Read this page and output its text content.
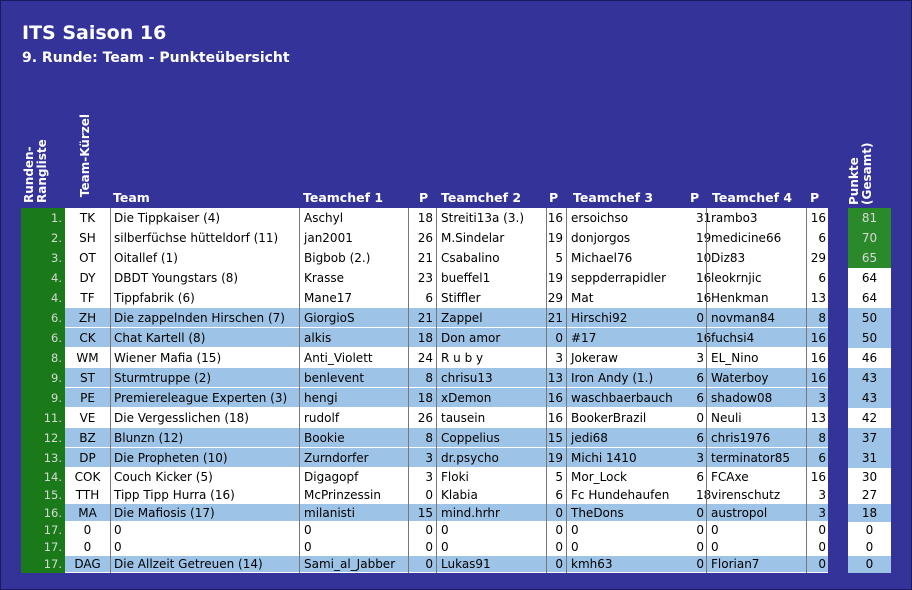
ITS Saison 16
9. Runde: Team - Punkteübersicht
Runden-Rangliste Team-Kürzel	Punkte (Gesamt)
Team	Teamchef 1	P Teamchef 2 P Teamchef 3	P Teamchef 4 P
1.	TK	Die Tippkaiser (4)	Aschyl	18 Streiti13a (3.)	16 ersoichso	31 rambo3	16	81
2.	SH	silberfüchse hütteldorf (11)	jan2001	26 M.Sindelar	19 donjorgos	19 medicine66	6	70
3.	OT	Oitallef (1)	Bigbob (2.)	21 Csabalino	5 Michael76	10 Diz83	29	65
4.	DY	DBDT Youngstars (8)	Krasse	23 bueffel1	19 seppderrapidler	16 leokrnjic	6	64
4.	TF	Tippfabrik (6)	Mane17	6 Stiffler	29 Mat	16 Henkman	13	64
6.	ZH	Die zappelnden Hirschen (7)	GiorgioS	21 Zappel	21 Hirschi92	0 novman84	8	50
6.	CK	Chat Kartell (8)	alkis	18 Don amor	0 #17	16 fuchsi4	16	50
8.	WM	Wiener Mafia (15)	Anti_Violett	24 R u b y	3 Jokeraw	3 EL_Nino	16	46
9.	ST	Sturmtruppe (2)	benlevent	8 chrisu13	13 Iron Andy (1.)	6 Waterboy	16	43
9.	PE	Premiereleague Experten (3)	hengi	18 xDemon	16 waschbaerbauch	6 shadow08	3	43
11.	VE	Die Vergesslichen (18)	rudolf	26 tausein	16 BookerBrazil	0 Neuli	13	42
12.	BZ	Blunzn (12)	Bookie	8 Coppelius	15 jedi68	6 chris1976	8	37
13.	DP	Die Propheten (10)	Zurndorfer	3 dr.psycho	19 Michi 1410	3 terminator85	6	31
14.	COK	Couch Kicker (5)	Digagopf	3 Floki	5 Mor_Lock	6 FCAxe	16	30
15.	TTH	Tipp Tipp Hurra (16)	McPrinzessin	0 Klabia	6 Fc Hundehaufen	18 virenschutz	3	27
16.	MA	Die Mafiosis (17)	milanisti	15 mind.hrhr	0 TheDons	0 austropol	3	18
17.	0	0	0	0 0	0 0	0 0	0	0
17.	0	0	0	0 0	0 0	0 0	0	0
17.	DAG	Die Allzeit Getreuen (14)	Sami_al_Jabber	0 Lukas91	0 kmh63	0 Florian7	0	0
